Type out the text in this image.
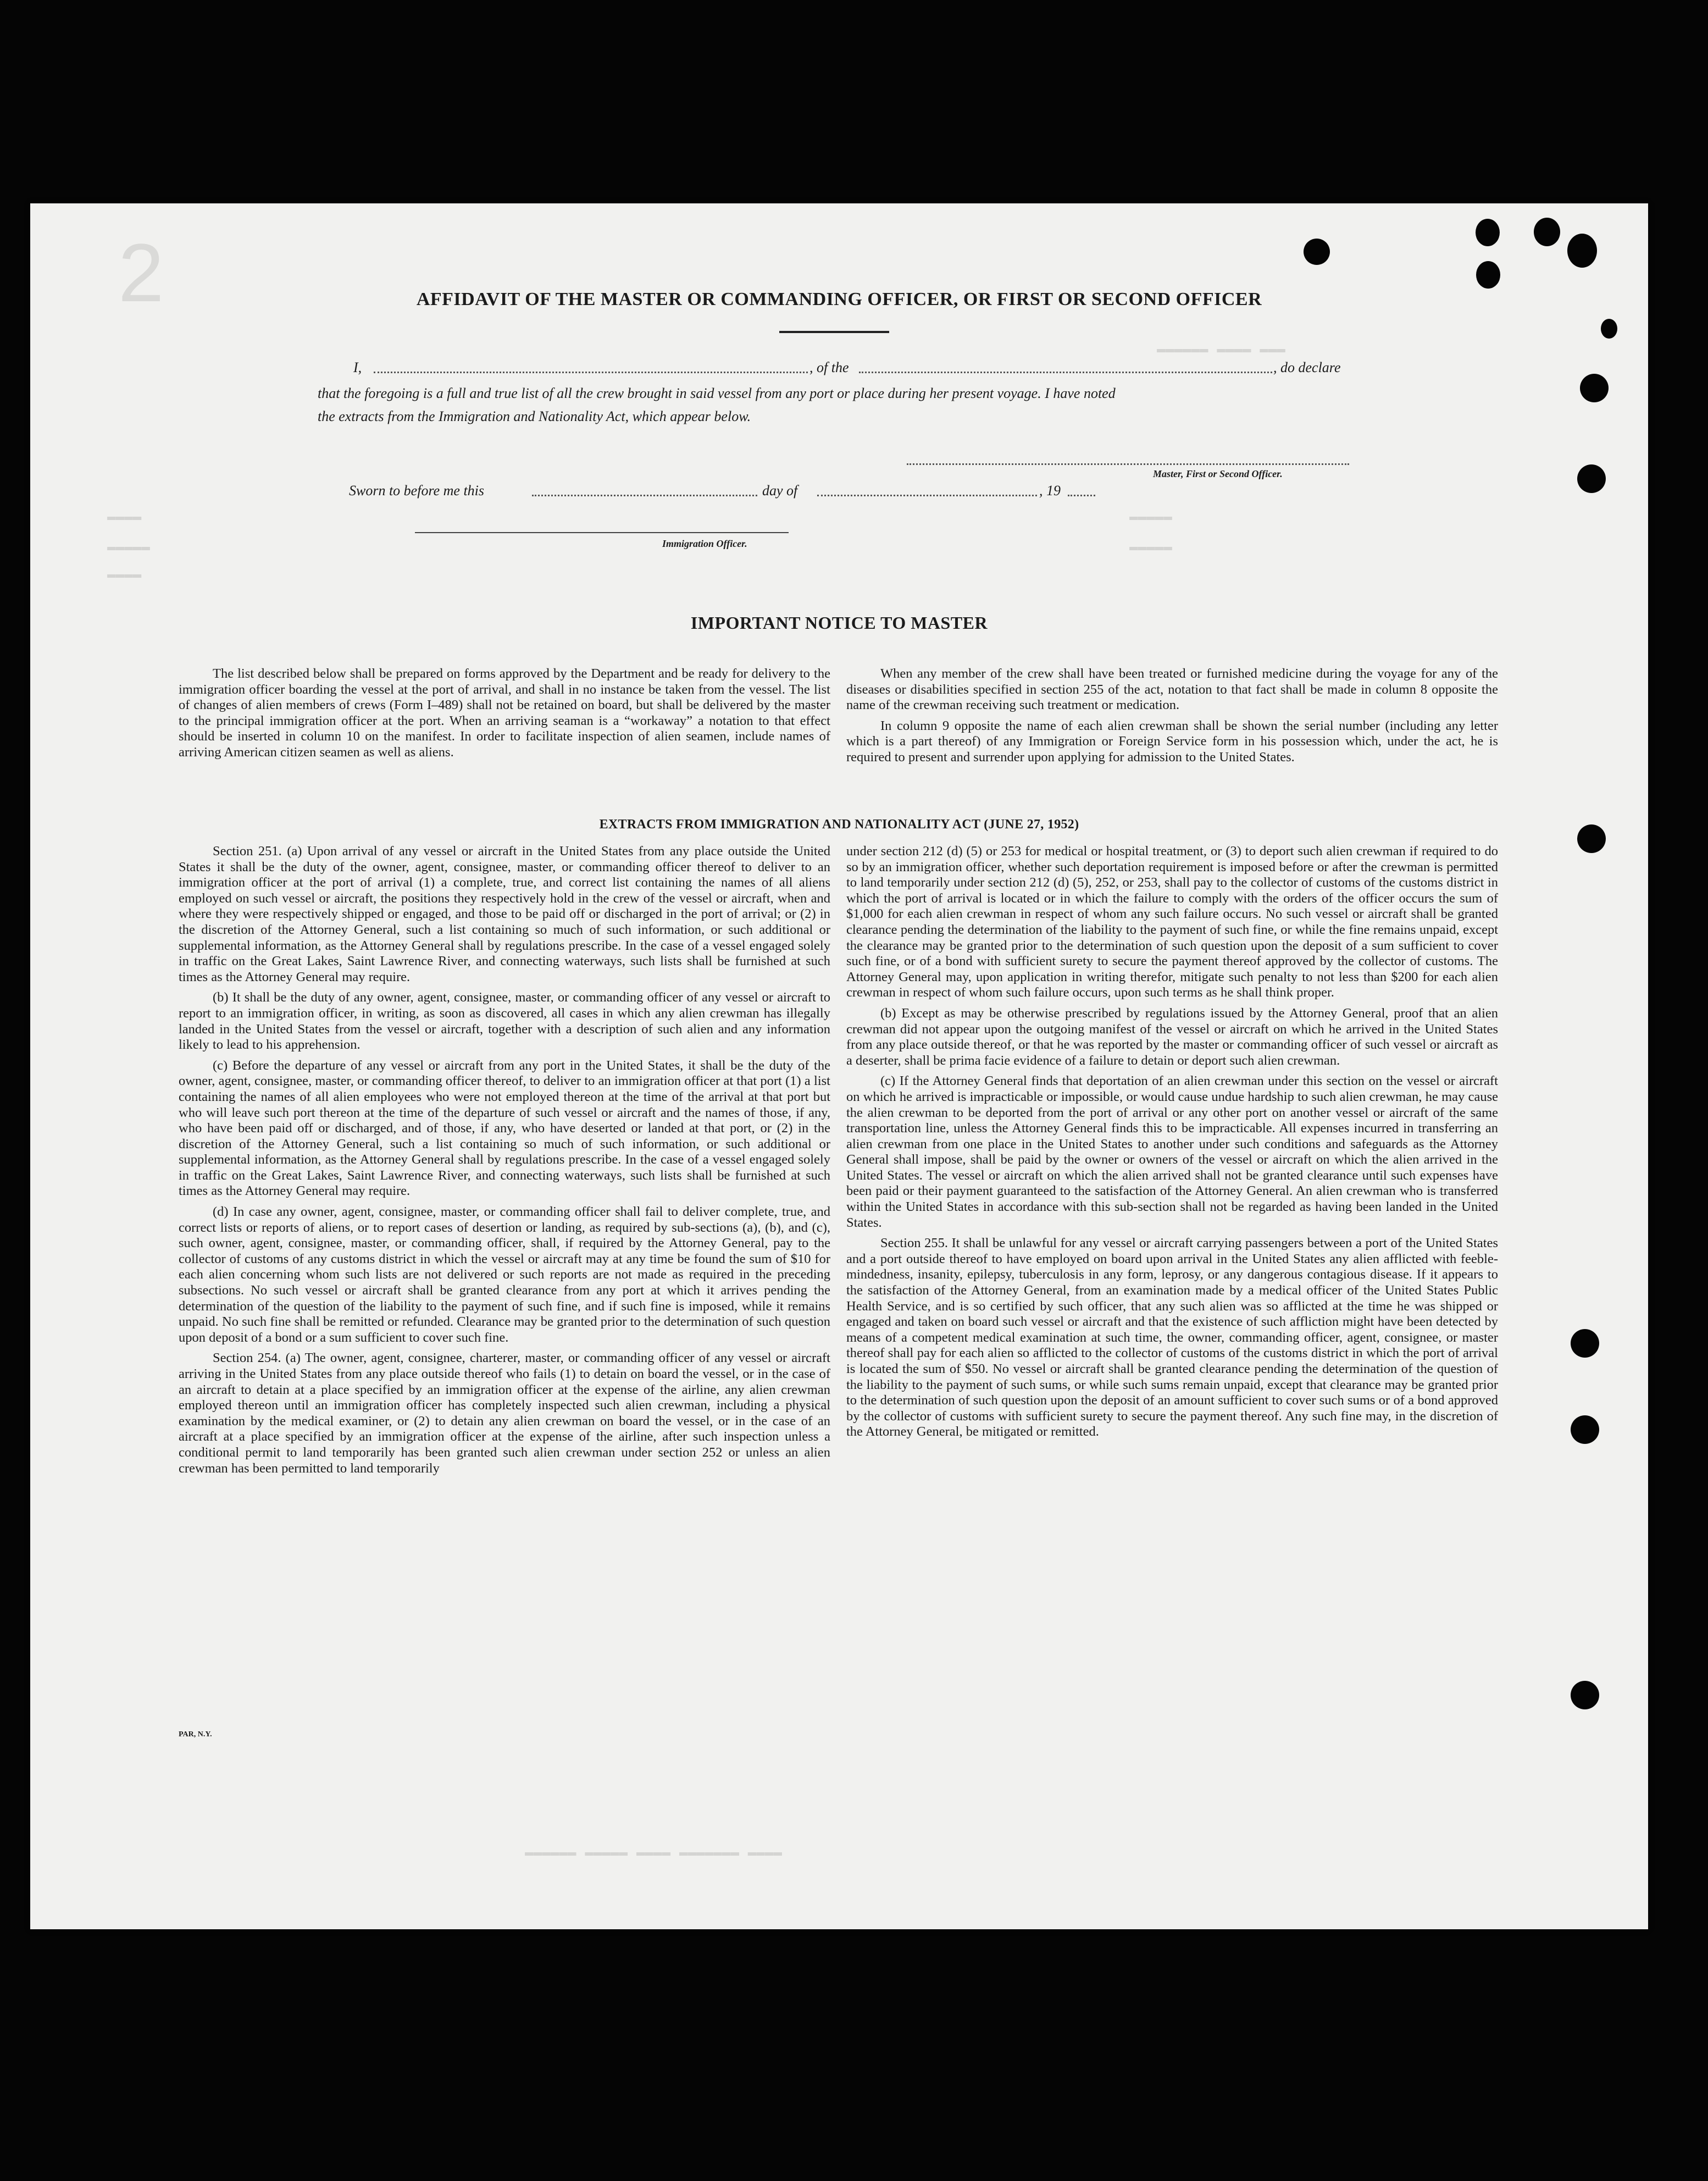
2
▬▬▬▬▬▬ ▬▬▬▬ ▬▬▬
▬▬▬▬
▬▬▬▬▬
▬▬▬▬
▬▬▬▬▬
▬▬▬▬▬
▬▬▬▬▬▬ ▬▬▬▬▬ ▬▬▬▬ ▬▬▬▬▬▬▬ ▬▬▬▬
AFFIDAVIT OF THE MASTER OR COMMANDING OFFICER, OR FIRST OR SECOND OFFICER
I,	, of the	, do declare
that the foregoing is a full and true list of all the crew brought in said vessel from any port or place during her present voyage. I have noted
the extracts from the Immigration and Nationality Act, which appear below.
Master, First or Second Officer.
Sworn to before me this	day of	, 19
Immigration Officer.
IMPORTANT NOTICE TO MASTER

The list described below shall be prepared on forms approved by the Department and be ready for delivery to the immigration officer boarding the vessel at the port of arrival, and shall in no instance be taken from the vessel. The list of changes of alien members of crews (Form I–489) shall not be retained on board, but shall be delivered by the master to the principal immigration officer at the port. When an arriving seaman is a “workaway” a notation to that effect should be inserted in column 10 on the manifest. In order to facilitate inspection of alien seamen, include names of arriving American citizen seamen as well as aliens.

When any member of the crew shall have been treated or furnished medicine during the voyage for any of the diseases or disabilities specified in section 255 of the act, notation to that fact shall be made in column 8 opposite the name of the crewman receiving such treatment or medication.

In column 9 opposite the name of each alien crewman shall be shown the serial number (including any letter which is a part thereof) of any Immigration or Foreign Service form in his possession which, under the act, he is required to present and surrender upon applying for admission to the United States.

EXTRACTS FROM IMMIGRATION AND NATIONALITY ACT (JUNE 27, 1952)

Section 251. (a) Upon arrival of any vessel or aircraft in the United States from any place outside the United States it shall be the duty of the owner, agent, consignee, master, or commanding officer thereof to deliver to an immigration officer at the port of arrival (1) a complete, true, and correct list containing the names of all aliens employed on such vessel or aircraft, the positions they respectively hold in the crew of the vessel or aircraft, when and where they were respectively shipped or engaged, and those to be paid off or discharged in the port of arrival; or (2) in the discretion of the Attorney General, such a list containing so much of such information, or such additional or supplemental information, as the Attorney General shall by regulations prescribe. In the case of a vessel engaged solely in traffic on the Great Lakes, Saint Lawrence River, and connecting waterways, such lists shall be furnished at such times as the Attorney General may require.

(b) It shall be the duty of any owner, agent, consignee, master, or commanding officer of any vessel or aircraft to report to an immigration officer, in writing, as soon as discovered, all cases in which any alien crewman has illegally landed in the United States from the vessel or aircraft, together with a description of such alien and any information likely to lead to his apprehension.

(c) Before the departure of any vessel or aircraft from any port in the United States, it shall be the duty of the owner, agent, consignee, master, or commanding officer thereof, to deliver to an immigration officer at that port (1) a list containing the names of all alien employees who were not employed thereon at the time of the arrival at that port but who will leave such port thereon at the time of the departure of such vessel or aircraft and the names of those, if any, who have been paid off or discharged, and of those, if any, who have deserted or landed at that port, or (2) in the discretion of the Attorney General, such a list containing so much of such information, or such additional or supplemental information, as the Attorney General shall by regulations prescribe. In the case of a vessel engaged solely in traffic on the Great Lakes, Saint Lawrence River, and connecting waterways, such lists shall be furnished at such times as the Attorney General may require.

(d) In case any owner, agent, consignee, master, or commanding officer shall fail to deliver complete, true, and correct lists or reports of aliens, or to report cases of desertion or landing, as required by sub-sections (a), (b), and (c), such owner, agent, consignee, master, or commanding officer, shall, if required by the Attorney General, pay to the collector of customs of any customs district in which the vessel or aircraft may at any time be found the sum of $10 for each alien concerning whom such lists are not delivered or such reports are not made as required in the preceding subsections. No such vessel or aircraft shall be granted clearance from any port at which it arrives pending the determination of the question of the liability to the payment of such fine, and if such fine is imposed, while it remains unpaid. No such fine shall be remitted or refunded. Clearance may be granted prior to the determination of such question upon deposit of a bond or a sum sufficient to cover such fine.

Section 254. (a) The owner, agent, consignee, charterer, master, or commanding officer of any vessel or aircraft arriving in the United States from any place outside thereof who fails (1) to detain on board the vessel, or in the case of an aircraft to detain at a place specified by an immigration officer at the expense of the airline, any alien crewman employed thereon until an immigration officer has completely inspected such alien crewman, including a physical examination by the medical examiner, or (2) to detain any alien crewman on board the vessel, or in the case of an aircraft at a place specified by an immigration officer at the expense of the airline, after such inspection unless a conditional permit to land temporarily has been granted such alien crewman under section 252 or unless an alien crewman has been permitted to land temporarily

under section 212 (d) (5) or 253 for medical or hospital treatment, or (3) to deport such alien crewman if required to do so by an immigration officer, whether such deportation requirement is imposed before or after the crewman is permitted to land temporarily under section 212 (d) (5), 252, or 253, shall pay to the collector of customs of the customs district in which the port of arrival is located or in which the failure to comply with the orders of the officer occurs the sum of $1,000 for each alien crewman in respect of whom any such failure occurs. No such vessel or aircraft shall be granted clearance pending the determination of the liability to the payment of such fine, or while the fine remains unpaid, except the clearance may be granted prior to the determination of such question upon the deposit of a sum sufficient to cover such fine, or of a bond with sufficient surety to secure the payment thereof approved by the collector of customs. The Attorney General may, upon application in writing therefor, mitigate such penalty to not less than $200 for each alien crewman in respect of whom such failure occurs, upon such terms as he shall think proper.

(b) Except as may be otherwise prescribed by regulations issued by the Attorney General, proof that an alien crewman did not appear upon the outgoing manifest of the vessel or aircraft on which he arrived in the United States from any place outside thereof, or that he was reported by the master or commanding officer of such vessel or aircraft as a deserter, shall be prima facie evidence of a failure to detain or deport such alien crewman.

(c) If the Attorney General finds that deportation of an alien crewman under this section on the vessel or aircraft on which he arrived is impracticable or impossible, or would cause undue hardship to such alien crewman, he may cause the alien crewman to be deported from the port of arrival or any other port on another vessel or aircraft of the same transportation line, unless the Attorney General finds this to be impracticable. All expenses incurred in transferring an alien crewman from one place in the United States to another under such conditions and safeguards as the Attorney General shall impose, shall be paid by the owner or owners of the vessel or aircraft on which the alien arrived in the United States. The vessel or aircraft on which the alien arrived shall not be granted clearance until such expenses have been paid or their payment guaranteed to the satisfaction of the Attorney General. An alien crewman who is transferred within the United States in accordance with this sub-section shall not be regarded as having been landed in the United States.

Section 255. It shall be unlawful for any vessel or aircraft carrying passengers between a port of the United States and a port outside thereof to have employed on board upon arrival in the United States any alien afflicted with feeble-mindedness, insanity, epilepsy, tuberculosis in any form, leprosy, or any dangerous contagious disease. If it appears to the satisfaction of the Attorney General, from an examination made by a medical officer of the United States Public Health Service, and is so certified by such officer, that any such alien was so afflicted at the time he was shipped or engaged and taken on board such vessel or aircraft and that the existence of such affliction might have been detected by means of a competent medical examination at such time, the owner, commanding officer, agent, consignee, or master thereof shall pay for each alien so afflicted to the collector of customs of the customs district in which the port of arrival is located the sum of $50. No vessel or aircraft shall be granted clearance pending the determination of the question of the liability to the payment of such sums, or while such sums remain unpaid, except that clearance may be granted prior to the determination of such question upon the deposit of an amount sufficient to cover such sums or of a bond approved by the collector of customs with sufficient surety to secure the payment thereof. Any such fine may, in the discretion of the Attorney General, be mitigated or remitted.

PAR, N.Y.
